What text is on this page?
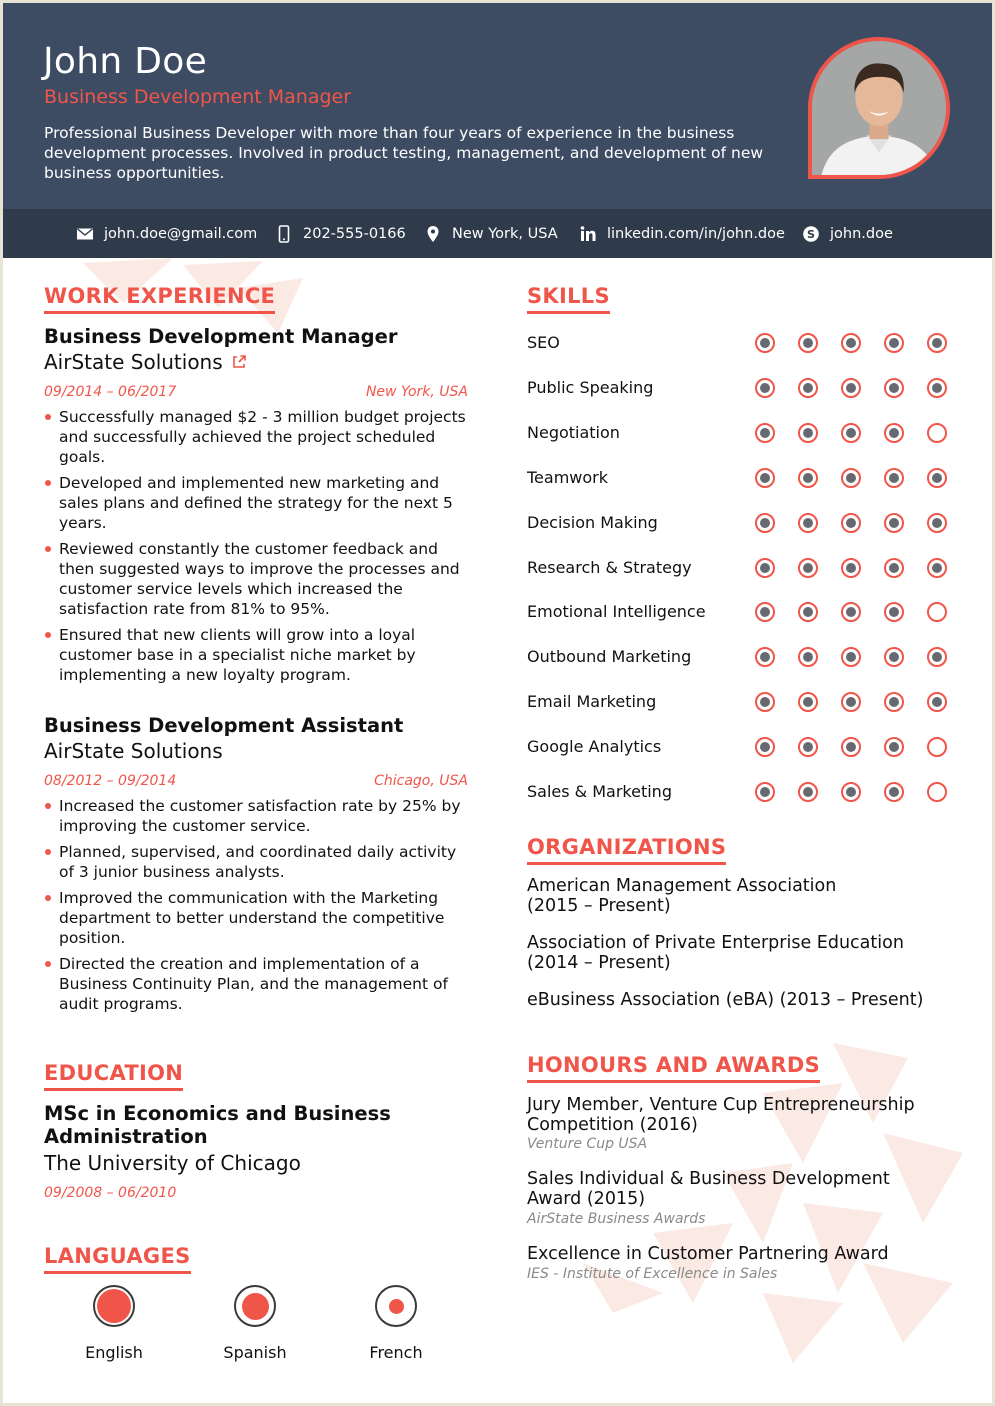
John Doe
Business Development Manager
Professional Business Developer with more than four years of experience in the business development processes. Involved in product testing, management, and development of new business opportunities.
john.doe@gmail.com	202-555-0166	New York, USA	linkedin.com/in/john.doe S john.doe
WORK EXPERIENCE
Business Development Manager
AirState Solutions
09/2014 – 06/2017	New York, USA
Successfully managed $2 - 3 million budget projects and successfully achieved the project scheduled goals.
Developed and implemented new marketing and sales plans and defined the strategy for the next 5 years.
Reviewed constantly the customer feedback and then suggested ways to improve the processes and customer service levels which increased the satisfaction rate from 81% to 95%.
Ensured that new clients will grow into a loyal customer base in a specialist niche market by implementing a new loyalty program.
Business Development Assistant
AirState Solutions
08/2012 – 09/2014	Chicago, USA
Increased the customer satisfaction rate by 25% by improving the customer service.
Planned, supervised, and coordinated daily activity of 3 junior business analysts.
Improved the communication with the Marketing department to better understand the competitive position.
Directed the creation and implementation of a Business Continuity Plan, and the management of audit programs.
EDUCATION
MSc in Economics and Business Administration
The University of Chicago
09/2008 – 06/2010
LANGUAGES
SKILLS
ORGANIZATIONS
American Management Association (2015 – Present)
Association of Private Enterprise Education (2014 – Present)
eBusiness Association (eBA) (2013 – Present)
HONOURS AND AWARDS
Jury Member, Venture Cup Entrepreneurship Competition (2016)
Venture Cup USA
Sales Individual & Business Development Award (2015)
AirState Business Awards
Excellence in Customer Partnering Award
IES - Institute of Excellence in Sales
SEO
Public Speaking
Negotiation
Teamwork
Decision Making
Research & Strategy
Emotional Intelligence
Outbound Marketing
Email Marketing
Google Analytics
Sales & Marketing
English	Spanish	French
